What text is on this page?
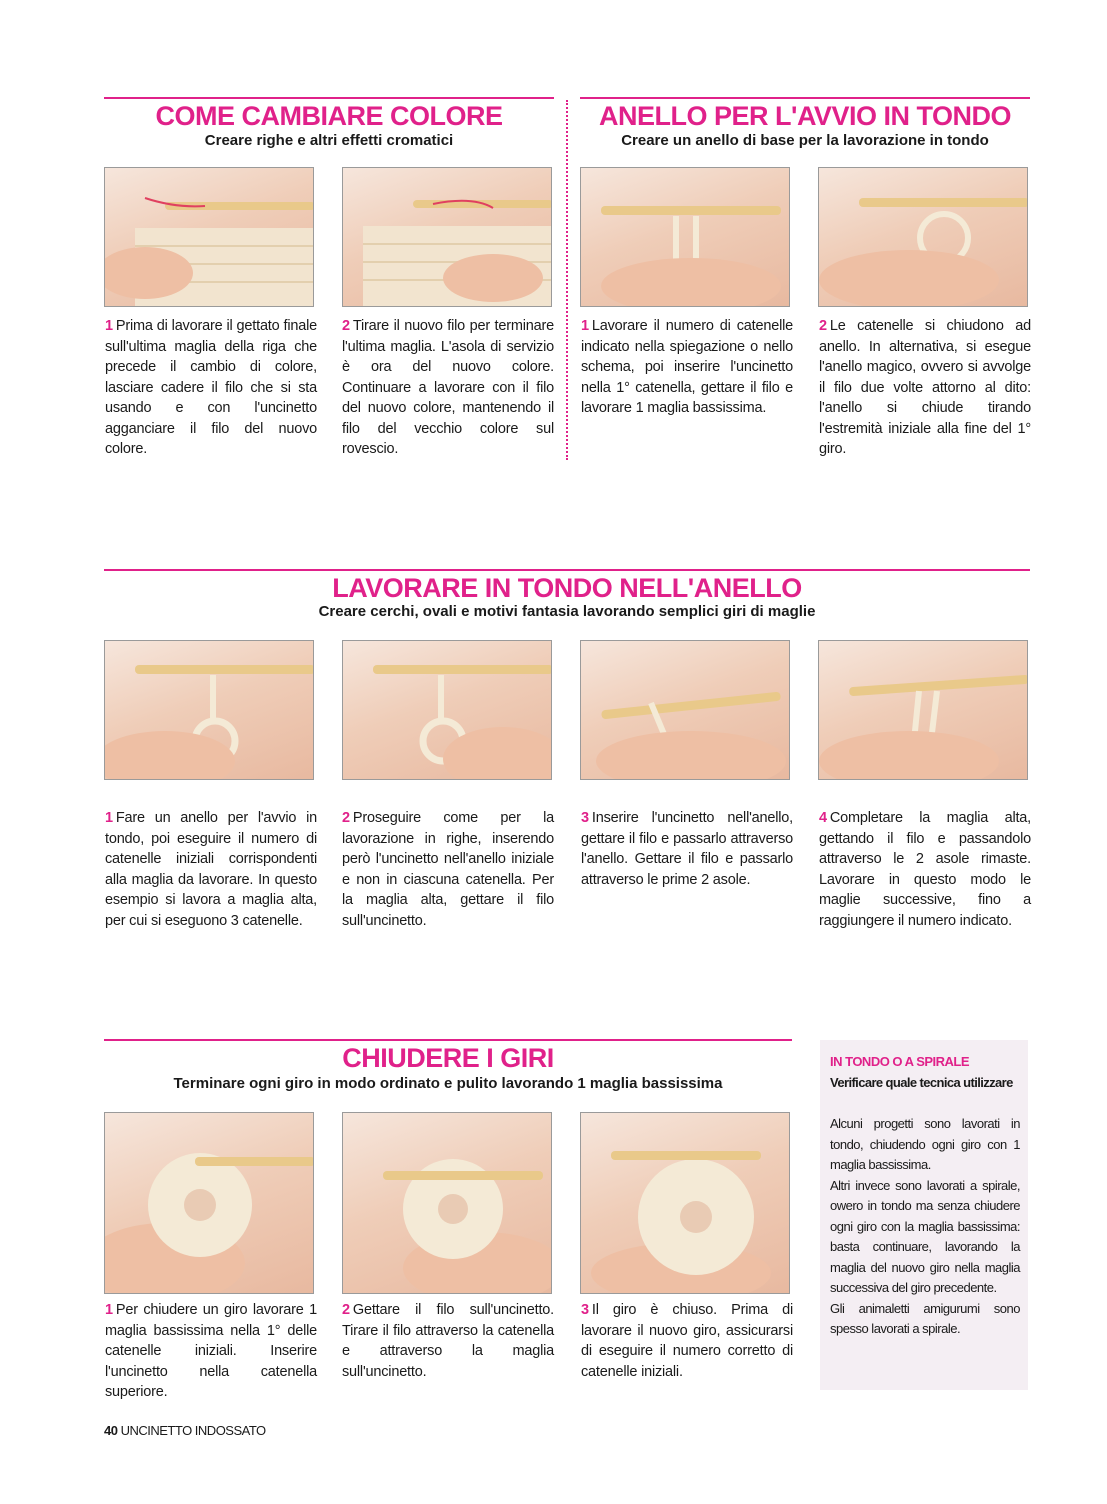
COME CAMBIARE COLORE
Creare righe e altri effetti cromatici
1 Prima di lavorare il gettato finale sull'ultima maglia della riga che precede il cambio di colore, lasciare cadere il filo che si sta usando e con l'uncinetto agganciare il filo del nuovo colore.
2 Tirare il nuovo filo per terminare l'ultima maglia. L'asola di servizio è ora del nuovo colore. Continuare a lavorare con il filo del nuovo colore, mantenendo il filo del vecchio colore sul rovescio.
ANELLO PER L'AVVIO IN TONDO
Creare un anello di base per la lavorazione in tondo
1 Lavorare il numero di catenelle indicato nella spiegazione o nello schema, poi inserire l'uncinetto nella 1° catenella, gettare il filo e lavorare 1 maglia bassissima.
2 Le catenelle si chiudono ad anello. In alternativa, si esegue l'anello magico, ovvero si avvolge il filo due volte attorno al dito: l'anello si chiude tirando l'estremità iniziale alla fine del 1° giro.
LAVORARE IN TONDO NELL'ANELLO
Creare cerchi, ovali e motivi fantasia lavorando semplici giri di maglie
1 Fare un anello per l'avvio in tondo, poi eseguire il numero di catenelle iniziali corrispondenti alla maglia da lavorare. In questo esempio si lavora a maglia alta, per cui si eseguono 3 catenelle.
2 Proseguire come per la lavorazione in righe, inserendo però l'uncinetto nell'anello iniziale e non in ciascuna catenella. Per la maglia alta, gettare il filo sull'uncinetto.
3 Inserire l'uncinetto nell'anello, gettare il filo e passarlo attraverso l'anello. Gettare il filo e passarlo attraverso le prime 2 asole.
4 Completare la maglia alta, gettando il filo e passandolo attraverso le 2 asole rimaste. Lavorare in questo modo le maglie successive, fino a raggiungere il numero indicato.
CHIUDERE I GIRI
Terminare ogni giro in modo ordinato e pulito lavorando 1 maglia bassissima
1 Per chiudere un giro lavorare 1 maglia bassissima nella 1° delle catenelle iniziali. Inserire l'uncinetto nella catenella superiore.
2 Gettare il filo sull'uncinetto. Tirare il filo attraverso la catenella e attraverso la maglia sull'uncinetto.
3 Il giro è chiuso. Prima di lavorare il nuovo giro, assicurarsi di eseguire il numero corretto di catenelle iniziali.
IN TONDO O A SPIRALE
Verificare quale tecnica utilizzare

Alcuni progetti sono lavorati in tondo, chiudendo ogni giro con 1 maglia bassissima.

Altri invece sono lavorati a spirale, owero in tondo ma senza chiudere ogni giro con la maglia bassissima: basta continuare, lavorando la maglia del nuovo giro nella maglia successiva del giro precedente.

Gli animaletti amigurumi sono spesso lavorati a spirale.

40 UNCINETTO INDOSSATO
